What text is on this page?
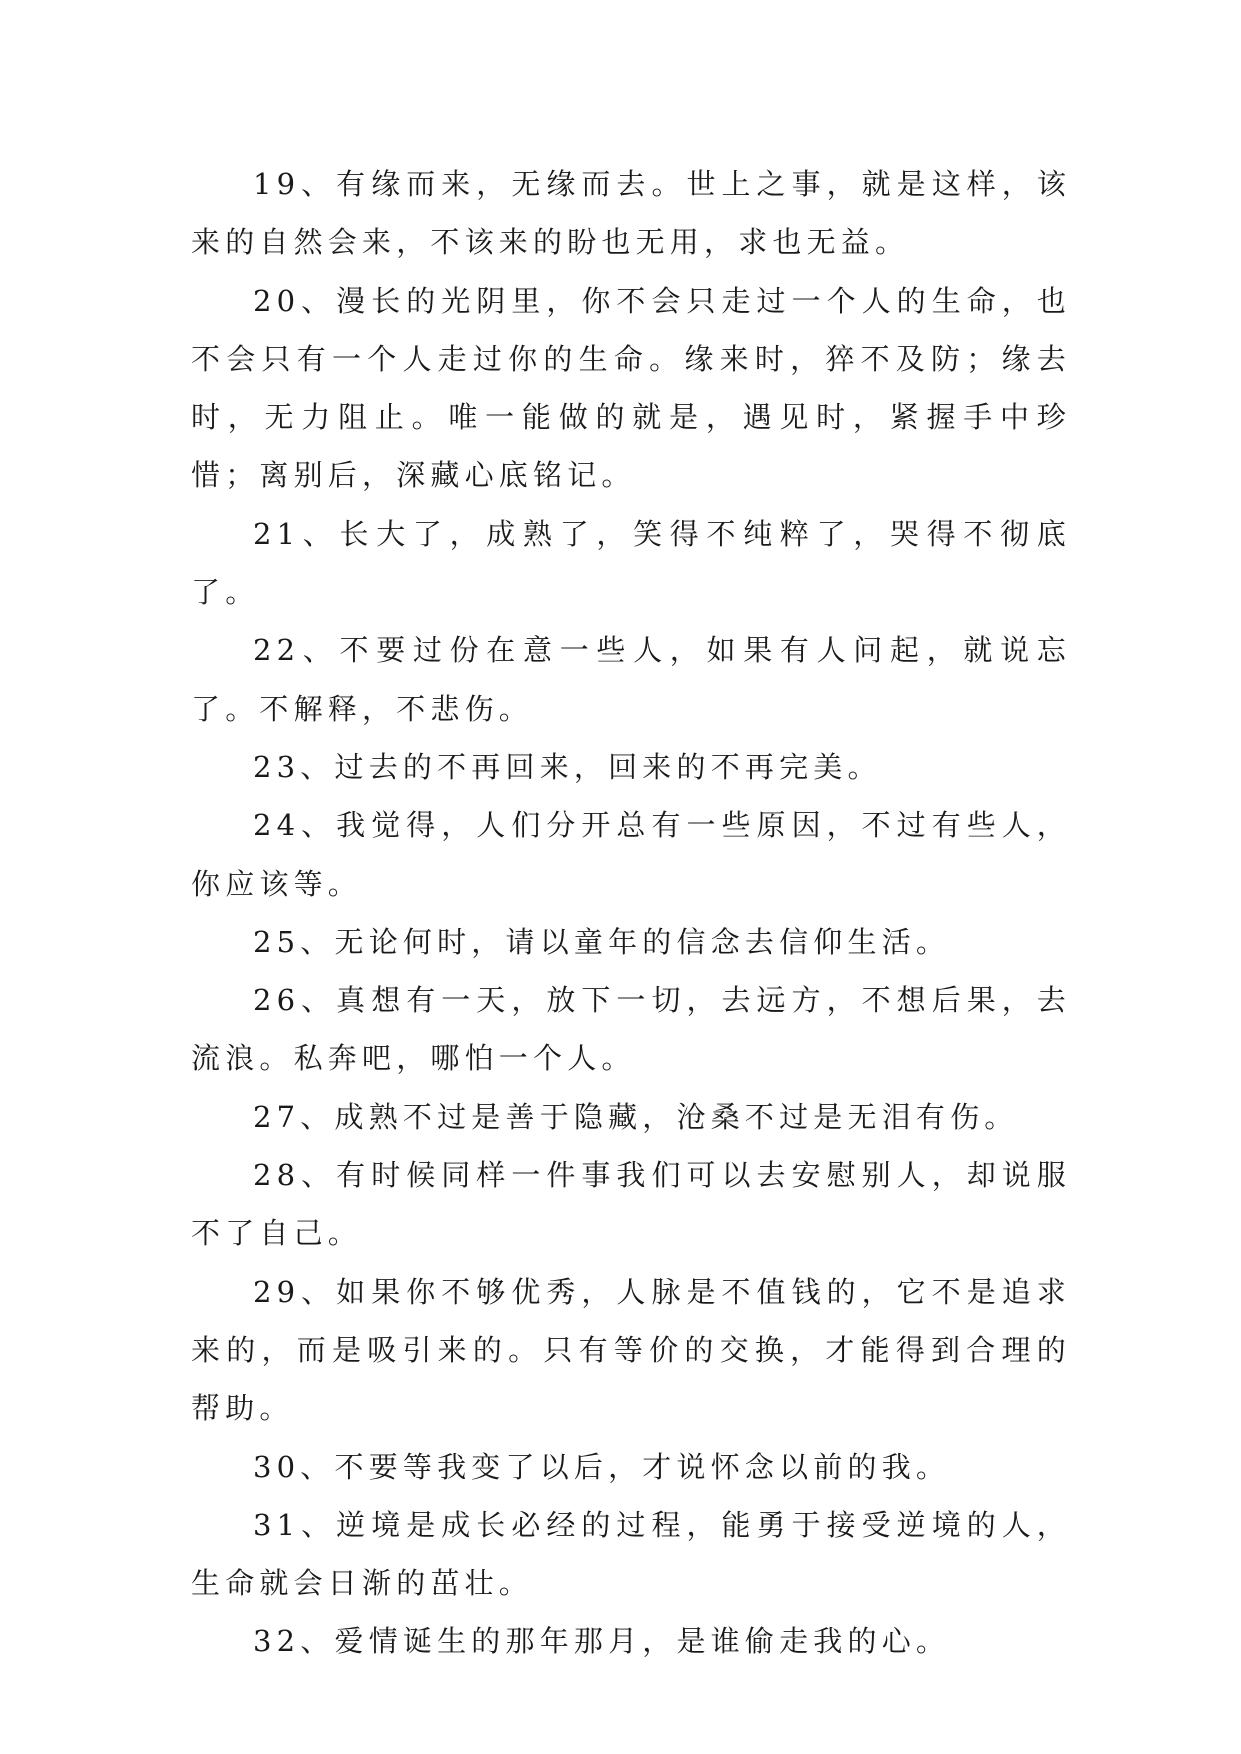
19、有缘而来，无缘而去。世上之事，就是这样，该来的自然会来，不该来的盼也无用，求也无益。

20、漫长的光阴里，你不会只走过一个人的生命，也不会只有一个人走过你的生命。缘来时，猝不及防；缘去时，无力阻止。唯一能做的就是，遇见时，紧握手中珍惜；离别后，深藏心底铭记。

21、长大了，成熟了，笑得不纯粹了，哭得不彻底了。

22、不要过份在意一些人，如果有人问起，就说忘了。不解释，不悲伤。

23、过去的不再回来，回来的不再完美。

24、我觉得，人们分开总有一些原因，不过有些人，你应该等。

25、无论何时，请以童年的信念去信仰生活。

26、真想有一天，放下一切，去远方，不想后果，去流浪。私奔吧，哪怕一个人。

27、成熟不过是善于隐藏，沧桑不过是无泪有伤。

28、有时候同样一件事我们可以去安慰别人，却说服不了自己。

29、如果你不够优秀，人脉是不值钱的，它不是追求来的，而是吸引来的。只有等价的交换，才能得到合理的帮助。

30、不要等我变了以后，才说怀念以前的我。

31、逆境是成长必经的过程，能勇于接受逆境的人，生命就会日渐的茁壮。

32、爱情诞生的那年那月，是谁偷走我的心。
